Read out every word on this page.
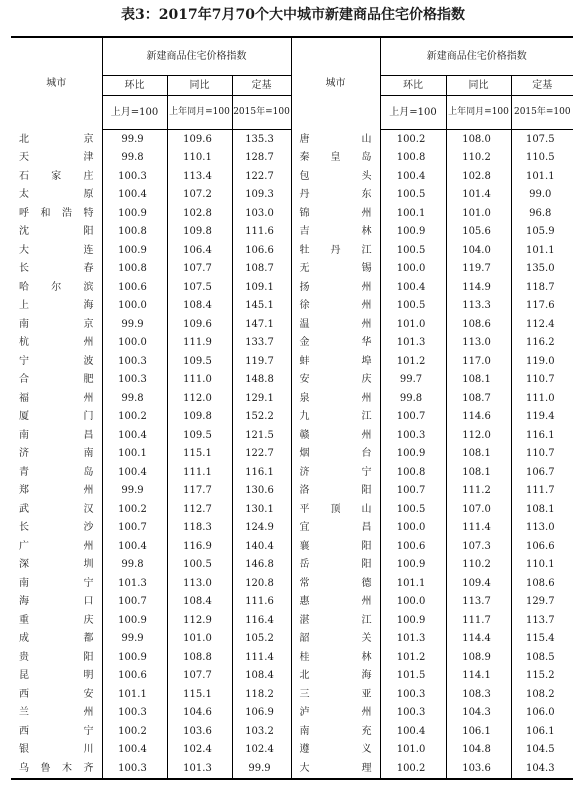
表3：2017年7月70个大中城市新建商品住宅价格指数
城市	新建商品住宅价格指数			城市	新建商品住宅价格指数		
	环比	同比	定基		环比	同比	定基
	上月=100	上年同月=100	2015年=100		上月=100	上年同月=100	2015年=100
北京	99.9	109.6	135.3	唐山	100.2	108.0	107.5
天津	99.8	110.1	128.7	秦皇岛	100.8	110.2	110.5
石家庄	100.3	113.4	122.7	包头	100.4	102.8	101.1
太原	100.4	107.2	109.3	丹东	100.5	101.4	99.0
呼和浩特	100.9	102.8	103.0	锦州	100.1	101.0	96.8
沈阳	100.8	109.8	111.6	吉林	100.9	105.6	105.9
大连	100.9	106.4	106.6	牡丹江	100.5	104.0	101.1
长春	100.8	107.7	108.7	无锡	100.0	119.7	135.0
哈尔滨	100.6	107.5	109.1	扬州	100.4	114.9	118.7
上海	100.0	108.4	145.1	徐州	100.5	113.3	117.6
南京	99.9	109.6	147.1	温州	101.0	108.6	112.4
杭州	100.0	111.9	133.7	金华	101.3	113.0	116.2
宁波	100.3	109.5	119.7	蚌埠	101.2	117.0	119.0
合肥	100.3	111.0	148.8	安庆	99.7	108.1	110.7
福州	99.8	112.0	129.1	泉州	99.8	108.7	111.0
厦门	100.2	109.8	152.2	九江	100.7	114.6	119.4
南昌	100.4	109.5	121.5	赣州	100.3	112.0	116.1
济南	100.1	115.1	122.7	烟台	100.9	108.1	110.7
青岛	100.4	111.1	116.1	济宁	100.8	108.1	106.7
郑州	99.9	117.7	130.6	洛阳	100.7	111.2	111.7
武汉	100.2	112.7	130.1	平顶山	100.5	107.0	108.1
长沙	100.7	118.3	124.9	宜昌	100.0	111.4	113.0
广州	100.4	116.9	140.4	襄阳	100.6	107.3	106.6
深圳	99.8	100.5	146.8	岳阳	100.9	110.2	110.1
南宁	101.3	113.0	120.8	常德	101.1	109.4	108.6
海口	100.7	108.4	111.6	惠州	100.0	113.7	129.7
重庆	100.9	112.9	116.4	湛江	100.9	111.7	113.7
成都	99.9	101.0	105.2	韶关	101.3	114.4	115.4
贵阳	100.9	108.8	111.4	桂林	101.2	108.9	108.5
昆明	100.6	107.7	108.4	北海	101.5	114.1	115.2
西安	101.1	115.1	118.2	三亚	100.3	108.3	108.2
兰州	100.3	104.6	106.9	泸州	100.3	104.3	106.0
西宁	100.2	103.6	103.2	南充	100.4	106.1	106.1
银川	100.4	102.4	102.4	遵义	101.0	104.8	104.5
乌鲁木齐	100.3	101.3	99.9	大理	100.2	103.6	104.3
